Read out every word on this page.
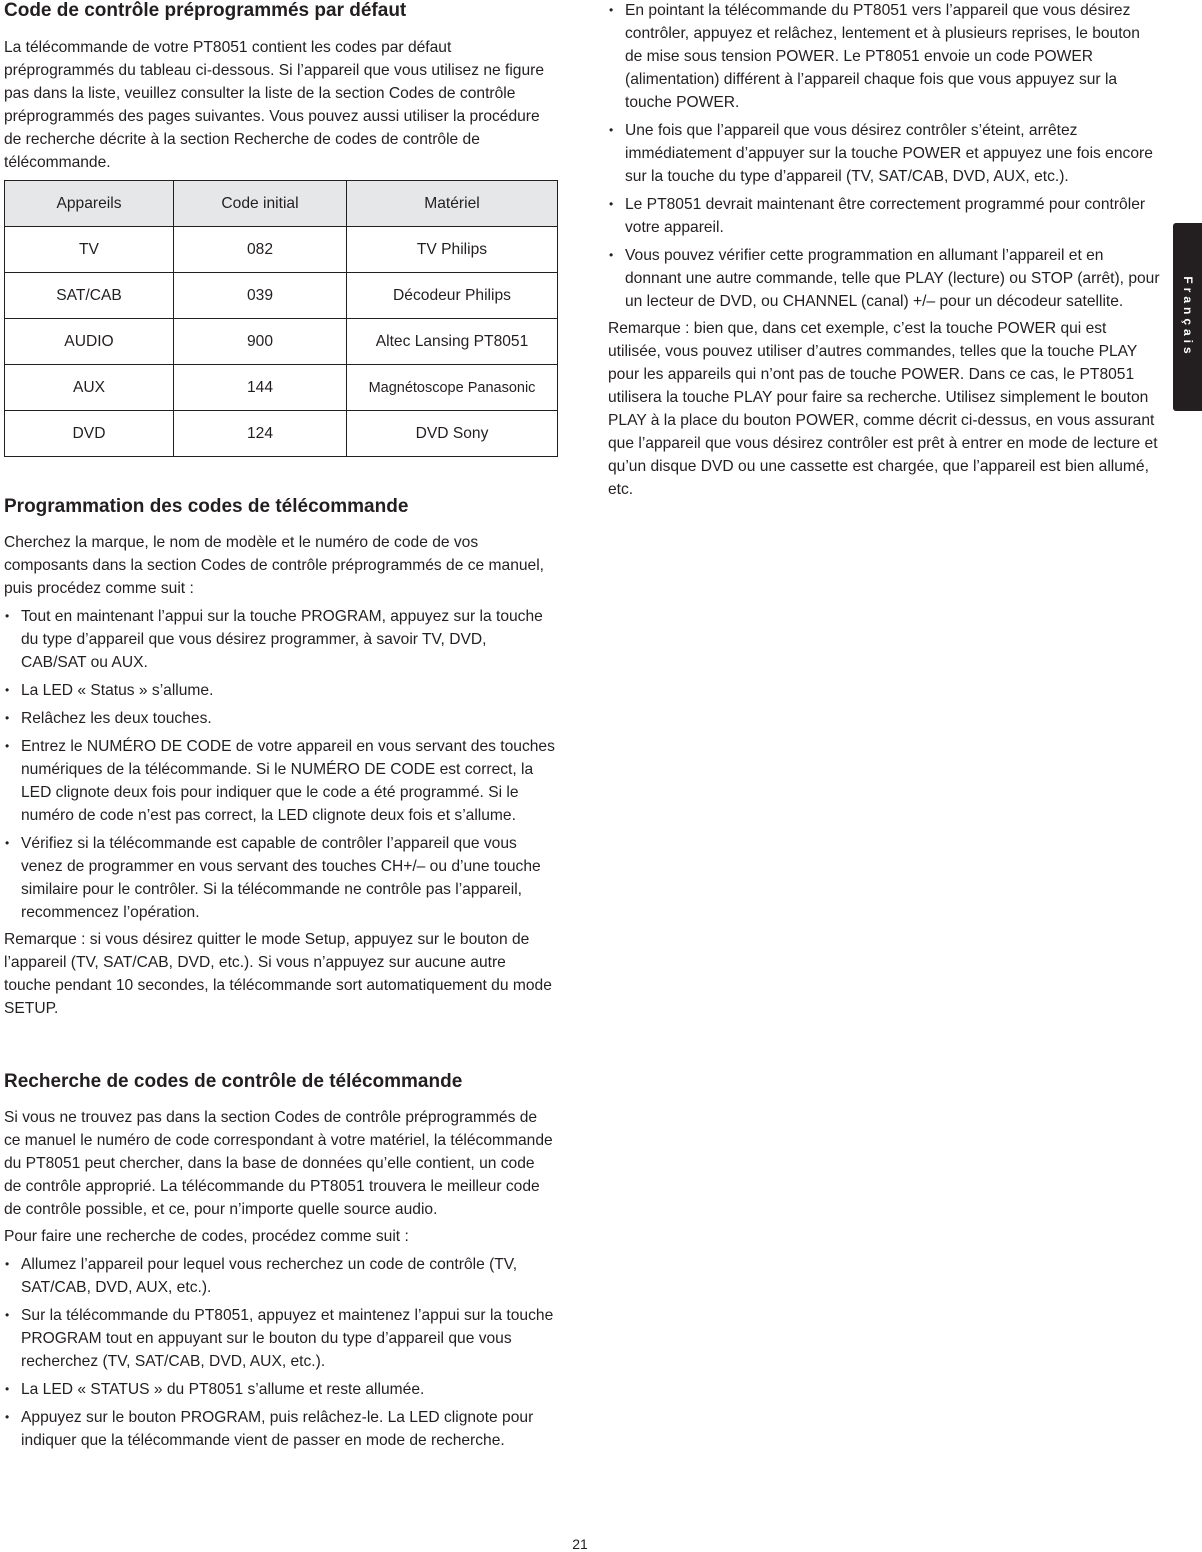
Code de contrôle préprogrammés par défaut

La télécommande de votre PT8051 contient les codes par défaut préprogrammés du tableau ci-dessous. Si l’appareil que vous utilisez ne figure pas dans la liste, veuillez consulter la liste de la section Codes de contrôle préprogrammés des pages suivantes. Vous pouvez aussi utiliser la procédure de recherche décrite à la section Recherche de codes de contrôle de télécommande.

Appareils	Code initial	Matériel
TV	082	TV Philips
SAT/CAB	039	Décodeur Philips
AUDIO	900	Altec Lansing PT8051
AUX	144	Magnétoscope Panasonic
DVD	124	DVD Sony
Programmation des codes de télécommande

Cherchez la marque, le nom de modèle et le numéro de code de vos composants dans la section Codes de contrôle préprogrammés de ce manuel, puis procédez comme suit :

• Tout en maintenant l’appui sur la touche PROGRAM, appuyez sur la touche du type d’appareil que vous désirez programmer, à savoir TV, DVD, CAB/SAT ou AUX.
• La LED « Status » s’allume.
• Relâchez les deux touches.
• Entrez le NUMÉRO DE CODE de votre appareil en vous servant des touches numériques de la télécommande. Si le NUMÉRO DE CODE est correct, la LED clignote deux fois pour indiquer que le code a été programmé. Si le numéro de code n’est pas correct, la LED clignote deux fois et s’allume.
• Vérifiez si la télécommande est capable de contrôler l’appareil que vous venez de programmer en vous servant des touches CH+/– ou d’une touche similaire pour le contrôler. Si la télécommande ne contrôle pas l’appareil, recommencez l’opération.

Remarque : si vous désirez quitter le mode Setup, appuyez sur le bouton de l’appareil (TV, SAT/CAB, DVD, etc.). Si vous n’appuyez sur aucune autre touche pendant 10 secondes, la télécommande sort automatiquement du mode SETUP.

Recherche de codes de contrôle de télécommande

Si vous ne trouvez pas dans la section Codes de contrôle préprogrammés de ce manuel le numéro de code correspondant à votre matériel, la télécommande du PT8051 peut chercher, dans la base de données qu’elle contient, un code de contrôle approprié. La télécommande du PT8051 trouvera le meilleur code de contrôle possible, et ce, pour n’importe quelle source audio.

Pour faire une recherche de codes, procédez comme suit :

• Allumez l’appareil pour lequel vous recherchez un code de contrôle (TV, SAT/CAB, DVD, AUX, etc.).
• Sur la télécommande du PT8051, appuyez et maintenez l’appui sur la touche PROGRAM tout en appuyant sur le bouton du type d’appareil que vous recherchez (TV, SAT/CAB, DVD, AUX, etc.).
• La LED « STATUS » du PT8051 s’allume et reste allumée.
• Appuyez sur le bouton PROGRAM, puis relâchez-le. La LED clignote pour indiquer que la télécommande vient de passer en mode de recherche.
• En pointant la télécommande du PT8051 vers l’appareil que vous désirez contrôler, appuyez et relâchez, lentement et à plusieurs reprises, le bouton de mise sous tension POWER. Le PT8051 envoie un code POWER (alimentation) différent à l’appareil chaque fois que vous appuyez sur la touche POWER.
• Une fois que l’appareil que vous désirez contrôler s’éteint, arrêtez immédiatement d’appuyer sur la touche POWER et appuyez une fois encore sur la touche du type d’appareil (TV, SAT/CAB, DVD, AUX, etc.).
• Le PT8051 devrait maintenant être correctement programmé pour contrôler votre appareil.
• Vous pouvez vérifier cette programmation en allumant l’appareil et en donnant une autre commande, telle que PLAY (lecture) ou STOP (arrêt), pour un lecteur de DVD, ou CHANNEL (canal) +/– pour un décodeur satellite.

Remarque : bien que, dans cet exemple, c’est la touche POWER qui est utilisée, vous pouvez utiliser d’autres commandes, telles que la touche PLAY pour les appareils qui n’ont pas de touche POWER. Dans ce cas, le PT8051 utilisera la touche PLAY pour faire sa recherche. Utilisez simplement le bouton PLAY à la place du bouton POWER, comme décrit ci-dessus, en vous assurant que l’appareil que vous désirez contrôler est prêt à entrer en mode de lecture et qu’un disque DVD ou une cassette est chargée, que l’appareil est bien allumé, etc.

Français
21
